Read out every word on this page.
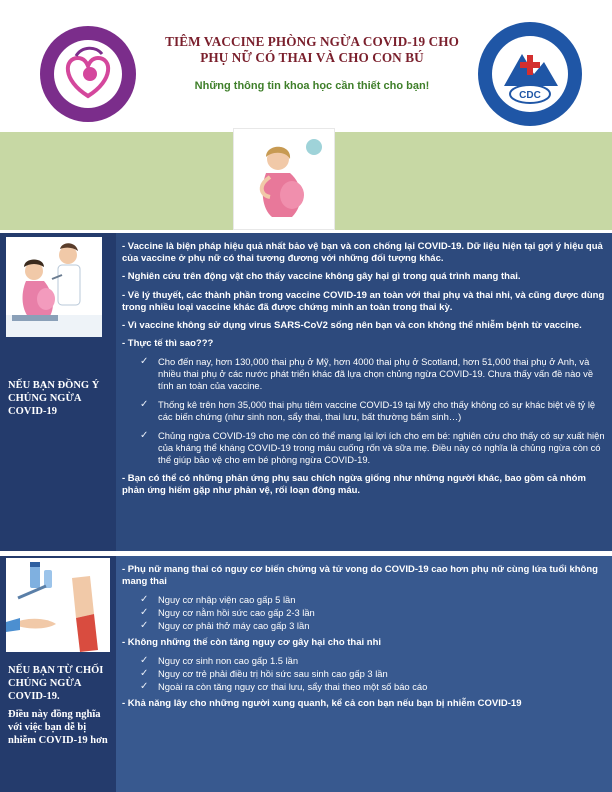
TIÊM VACCINE PHÒNG NGỪA COVID-19 CHO
PHỤ NỮ CÓ THAI VÀ CHO CON BÚ
Những thông tin khoa học cần thiết cho bạn!
CDC
NẾU BẠN ĐỒNG Ý CHỦNG NGỪA COVID-19
- Vaccine là biện pháp hiệu quả nhất bảo vệ bạn và con chống lại COVID-19. Dữ liệu hiện tại gợi ý hiệu quả của vaccine ở phụ nữ có thai tương đương với những đối tượng khác.
- Nghiên cứu trên động vật cho thấy vaccine không gây hại gì trong quá trình mang thai.
- Về lý thuyết, các thành phần trong vaccine COVID-19 an toàn với thai phụ và thai nhi, và cũng được dùng trong nhiều loại vaccine khác đã được chứng minh an toàn trong thai kỳ.
- Vì vaccine không sử dụng virus SARS-CoV2 sống nên bạn và con không thể nhiễm bệnh từ vaccine.
- Thực tế thì sao???
✓ Cho đến nay, hơn 130,000 thai phụ ở Mỹ, hơn 4000 thai phụ ở Scotland, hơn 51,000 thai phụ ở Anh, và nhiều thai phụ ở các nước phát triển khác đã lựa chọn chủng ngừa COVID-19. Chưa thấy vấn đề nào về tính an toàn của vaccine.
✓ Thống kê trên hơn 35,000 thai phụ tiêm vaccine COVID-19 tại Mỹ cho thấy không có sự khác biệt về tỷ lệ các biến chứng (như sinh non, sẩy thai, thai lưu, bất thường bẩm sinh…)
✓ Chủng ngừa COVID-19 cho mẹ còn có thể mang lại lợi ích cho em bé: nghiên cứu cho thấy có sự xuất hiện của kháng thể kháng COVID-19 trong máu cuống rốn và sữa mẹ. Điều này có nghĩa là chủng ngừa còn có thể giúp bảo vệ cho em bé phòng ngừa COVID-19.
- Bạn có thể có những phản ứng phụ sau chích ngừa giống như những người khác, bao gồm cả nhóm phản ứng hiếm gặp như phản vệ, rối loạn đông máu.
NẾU BẠN TỪ CHỐI CHỦNG NGỪA COVID-19.
Điều này đồng nghĩa với việc bạn dễ bị nhiễm COVID-19 hơn
- Phụ nữ mang thai có nguy cơ biến chứng và tử vong do COVID-19 cao hơn phụ nữ cùng lứa tuổi không mang thai
✓ Nguy cơ nhập viện cao gấp 5 lần
✓ Nguy cơ nằm hồi sức cao gấp 2-3 lần
✓ Nguy cơ phải thở máy cao gấp 3 lần
- Không những thế còn tăng nguy cơ gây hại cho thai nhi
✓ Nguy cơ sinh non cao gấp 1.5 lần
✓ Nguy cơ trẻ phải điều trị hồi sức sau sinh cao gấp 3 lần
✓ Ngoài ra còn tăng nguy cơ thai lưu, sẩy thai theo một số báo cáo
- Khả năng lây cho những người xung quanh, kể cả con bạn nếu bạn bị nhiễm COVID-19
